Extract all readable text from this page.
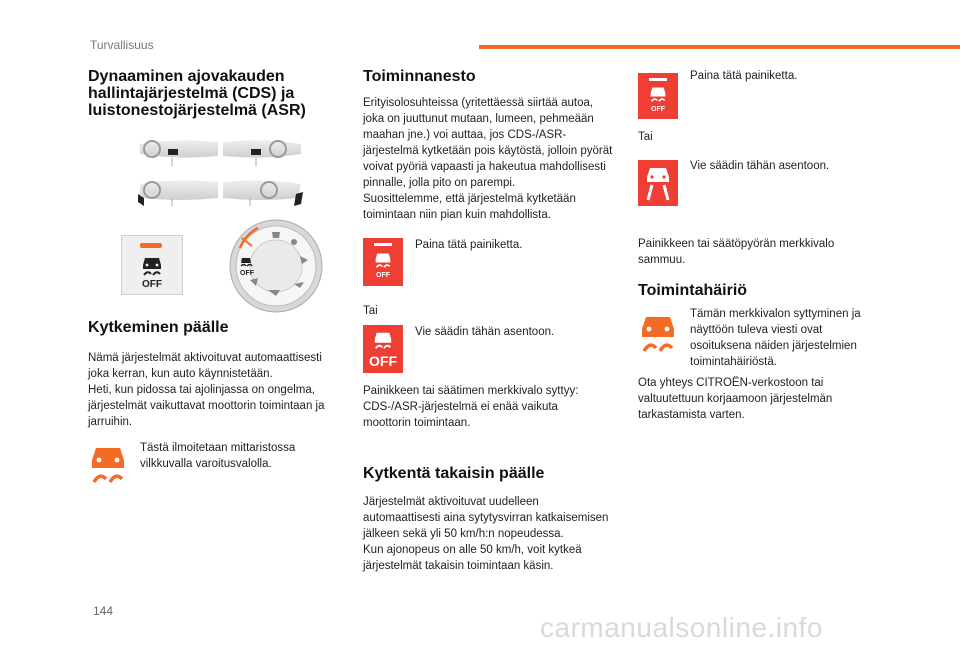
Turvallisuus
Dynaaminen ajovakauden hallintajärjestelmä (CDS) ja luistonestojärjestelmä (ASR)
OFF
OFF
Kytkeminen päälle

Nämä järjestelmät aktivoituvat automaattisesti joka kerran, kun auto käynnistetään.
Heti, kun pidossa tai ajolinjassa on ongelma, järjestelmät vaikuttavat moottorin toimintaan ja jarruihin.

Tästä ilmoitetaan mittaristossa vilkkuvalla varoitusvalolla.

Toiminnanesto

Erityisolosuhteissa (yritettäessä siirtää autoa, joka on juuttunut mutaan, lumeen, pehmeään maahan jne.) voi auttaa, jos CDS-/ASR-järjestelmä kytketään pois käytöstä, jolloin pyörät voivat pyöriä vapaasti ja hakeutua mahdollisesti pinnalle, jolla pito on parempi.
Suosittelemme, että järjestelmä kytketään toimintaan niin pian kuin mahdollista.

OFF

Paina tätä painiketta.

Tai

OFF

Vie säädin tähän asentoon.

Painikkeen tai säätimen merkkivalo syttyy: CDS-/ASR-järjestelmä ei enää vaikuta moottorin toimintaan.

Kytkentä takaisin päälle

Järjestelmät aktivoituvat uudelleen automaattisesti aina sytytysvirran katkaisemisen jälkeen sekä yli 50 km/h:n nopeudessa.
Kun ajonopeus on alle 50 km/h, voit kytkeä järjestelmät takaisin toimintaan käsin.

OFF

Paina tätä painiketta.

Tai

Vie säädin tähän asentoon.

Painikkeen tai säätöpyörän merkkivalo sammuu.

Toimintahäiriö

Tämän merkkivalon syttyminen ja näyttöön tuleva viesti ovat osoituksena näiden järjestelmien toimintahäiriöstä.

Ota yhteys CITROËN-verkostoon tai valtuutettuun korjaamoon järjestelmän tarkastamista varten.

144
carmanualsonline.info
